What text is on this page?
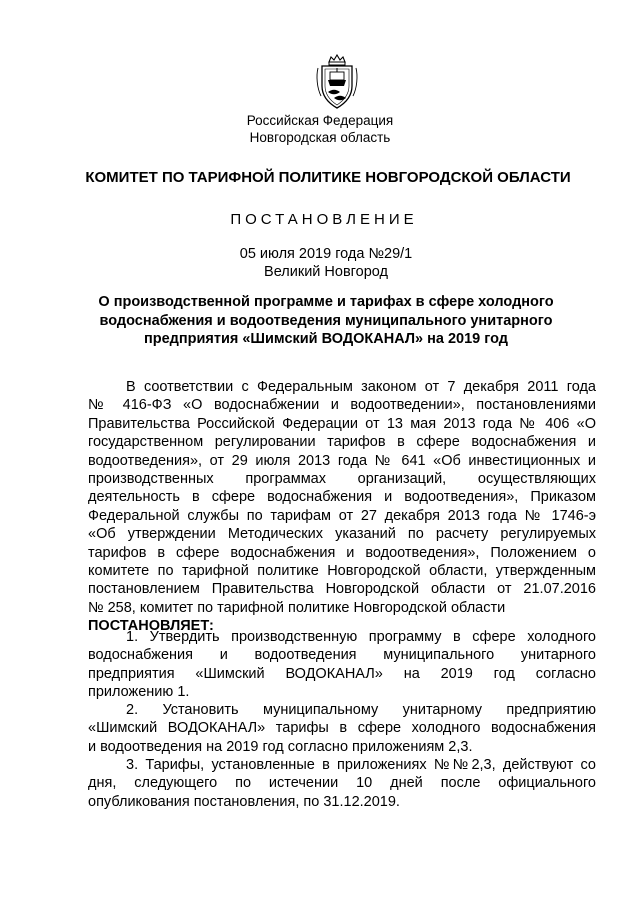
Российская Федерация
Новгородская область
КОМИТЕТ ПО ТАРИФНОЙ ПОЛИТИКЕ НОВГОРОДСКОЙ ОБЛАСТИ
ПОСТАНОВЛЕНИЕ
05 июля 2019 года №29/1
Великий Новгород
О производственной программе и тарифах в сфере холодного
водоснабжения и водоотведения муниципального унитарного
предприятия «Шимский ВОДОКАНАЛ» на 2019 год
В соответствии с Федеральным законом от 7 декабря 2011 года
№ 416-ФЗ «О водоснабжении и водоотведении», постановлениями
Правительства Российской Федерации от 13 мая 2013 года № 406 «О
государственном регулировании тарифов в сфере водоснабжения и
водоотведения», от 29 июля 2013 года № 641 «Об инвестиционных и
производственных программах организаций, осуществляющих
деятельность в сфере водоснабжения и водоотведения», Приказом
Федеральной службы по тарифам от 27 декабря 2013 года № 1746-э
«Об утверждении Методических указаний по расчету регулируемых
тарифов в сфере водоснабжения и водоотведения», Положением о
комитете по тарифной политике Новгородской области, утвержденным
постановлением Правительства Новгородской области от 21.07.2016
№ 258, комитет по тарифной политике Новгородской области
ПОСТАНОВЛЯЕТ:
1. Утвердить производственную программу в сфере холодного
водоснабжения и водоотведения муниципального унитарного
предприятия «Шимский ВОДОКАНАЛ» на 2019 год согласно
приложению 1.
2. Установить муниципальному унитарному предприятию
«Шимский ВОДОКАНАЛ» тарифы в сфере холодного водоснабжения
и водоотведения на 2019 год согласно приложениям 2,3.
3. Тарифы, установленные в приложениях №№2,3, действуют со
дня, следующего по истечении 10 дней после официального
опубликования постановления, по 31.12.2019.
